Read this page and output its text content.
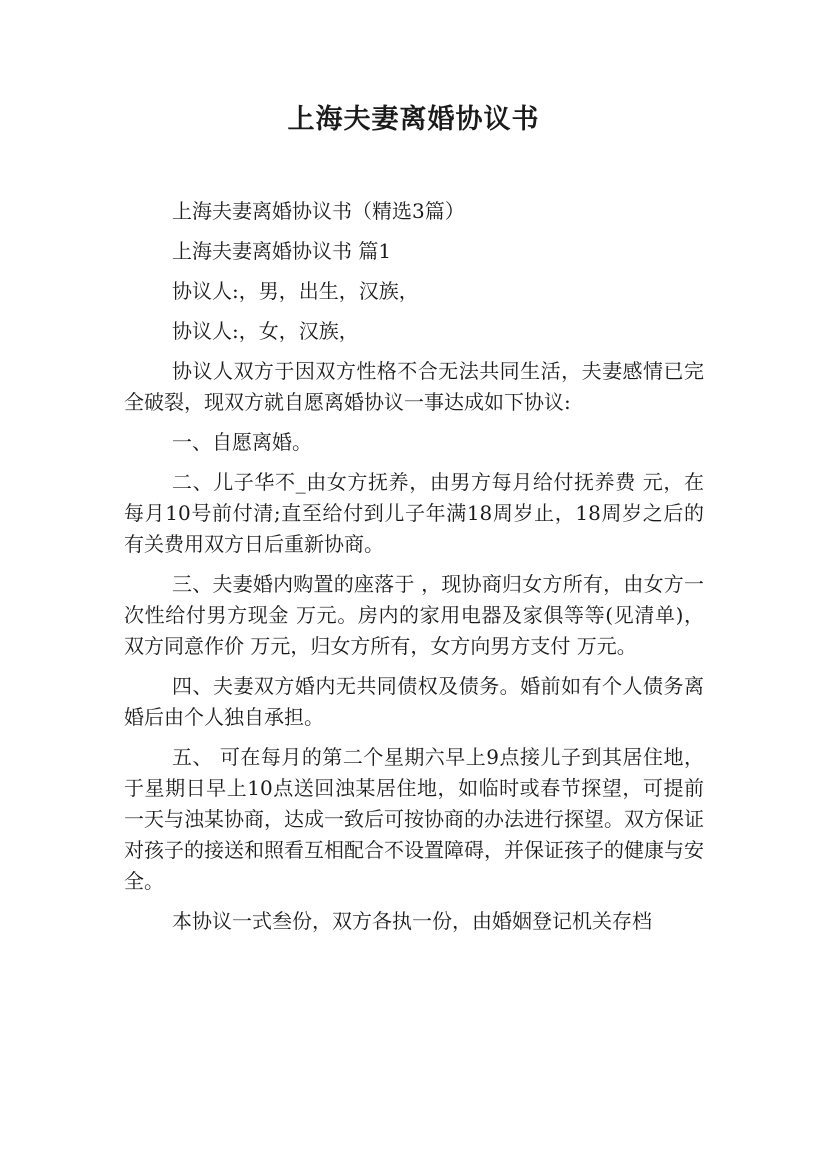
上海夫妻离婚协议书

上海夫妻离婚协议书（精选3篇）

上海夫妻离婚协议书 篇1

协议人:，男，出生，汉族，

协议人:，女，汉族，

协议人双方于因双方性格不合无法共同生活，夫妻感情已完全破裂，现双方就自愿离婚协议一事达成如下协议:

一、自愿离婚。

二、儿子华不_由女方抚养，由男方每月给付抚养费 元，在每月10号前付清;直至给付到儿子年满18周岁止，18周岁之后的有关费用双方日后重新协商。

三、夫妻婚内购置的座落于 ，现协商归女方所有，由女方一次性给付男方现金 万元。房内的家用电器及家俱等等(见清单)，双方同意作价 万元，归女方所有，女方向男方支付 万元。

四、夫妻双方婚内无共同债权及债务。婚前如有个人债务离婚后由个人独自承担。

五、 可在每月的第二个星期六早上9点接儿子到其居住地，于星期日早上10点送回浊某居住地，如临时或春节探望，可提前一天与浊某协商，达成一致后可按协商的办法进行探望。双方保证对孩子的接送和照看互相配合不设置障碍，并保证孩子的健康与安全。

本协议一式叁份，双方各执一份，由婚姻登记机关存档
